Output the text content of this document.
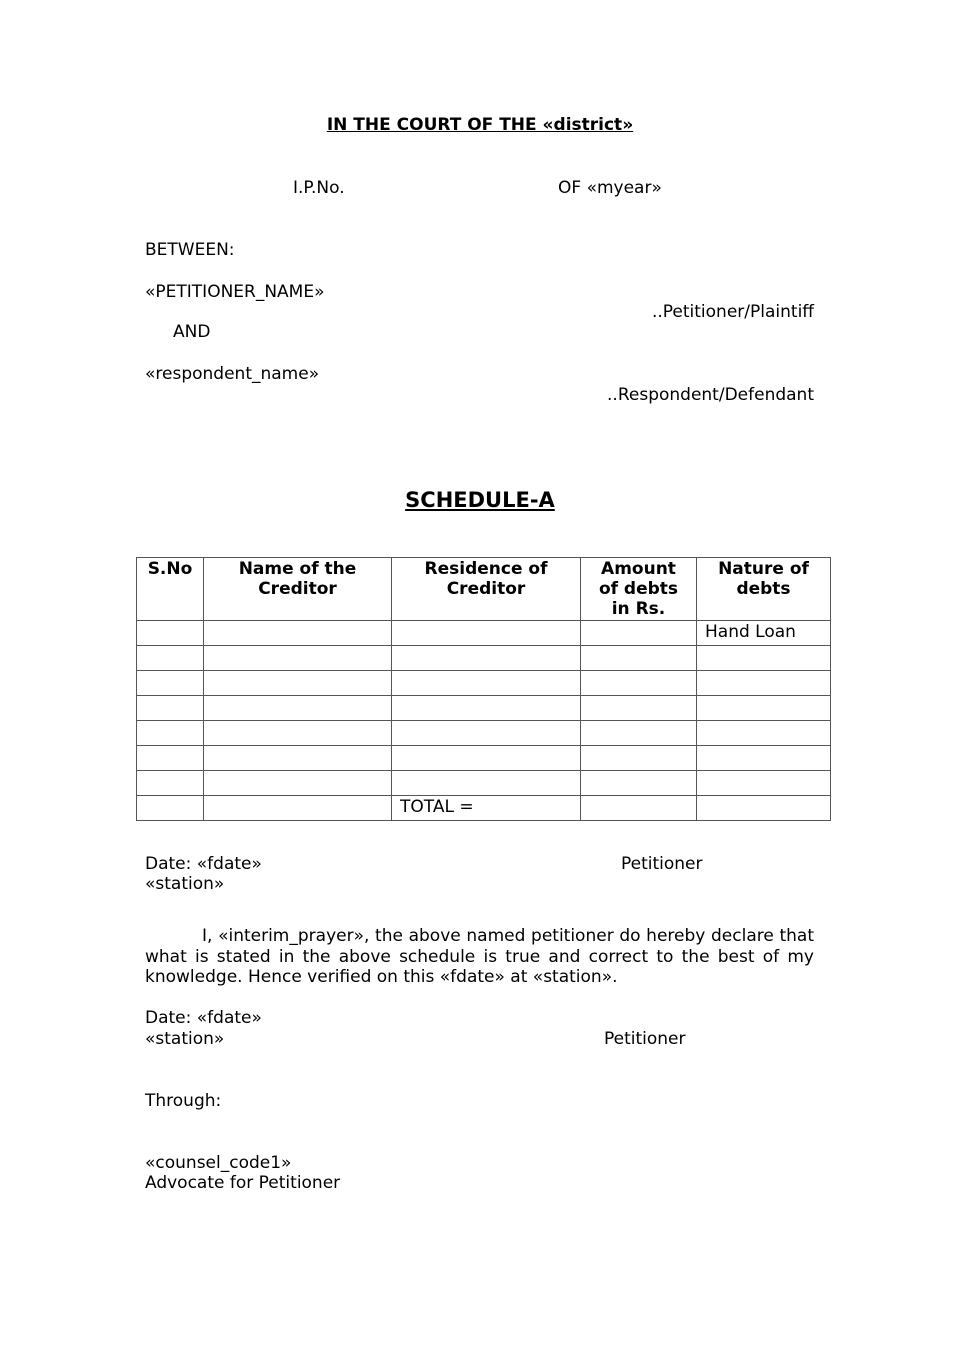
IN THE COURT OF THE «district»
I.P.No.	OF «myear»
BETWEEN:
«PETITIONER_NAME»
..Petitioner/Plaintiff
AND
«respondent_name»
..Respondent/Defendant
SCHEDULE-A
S.No	Name of the Creditor	Residence of Creditor	Amount of debts in Rs.	Nature of debts
				Hand Loan

		TOTAL =		
Date: «fdate»
«station»
Petitioner
I, «interim_prayer», the above named petitioner do hereby declare that what is stated in the above schedule is true and correct to the best of my knowledge. Hence verified on this «fdate» at «station».
Date: «fdate»
«station»	Petitioner
Through:
«counsel_code1»
Advocate for Petitioner
